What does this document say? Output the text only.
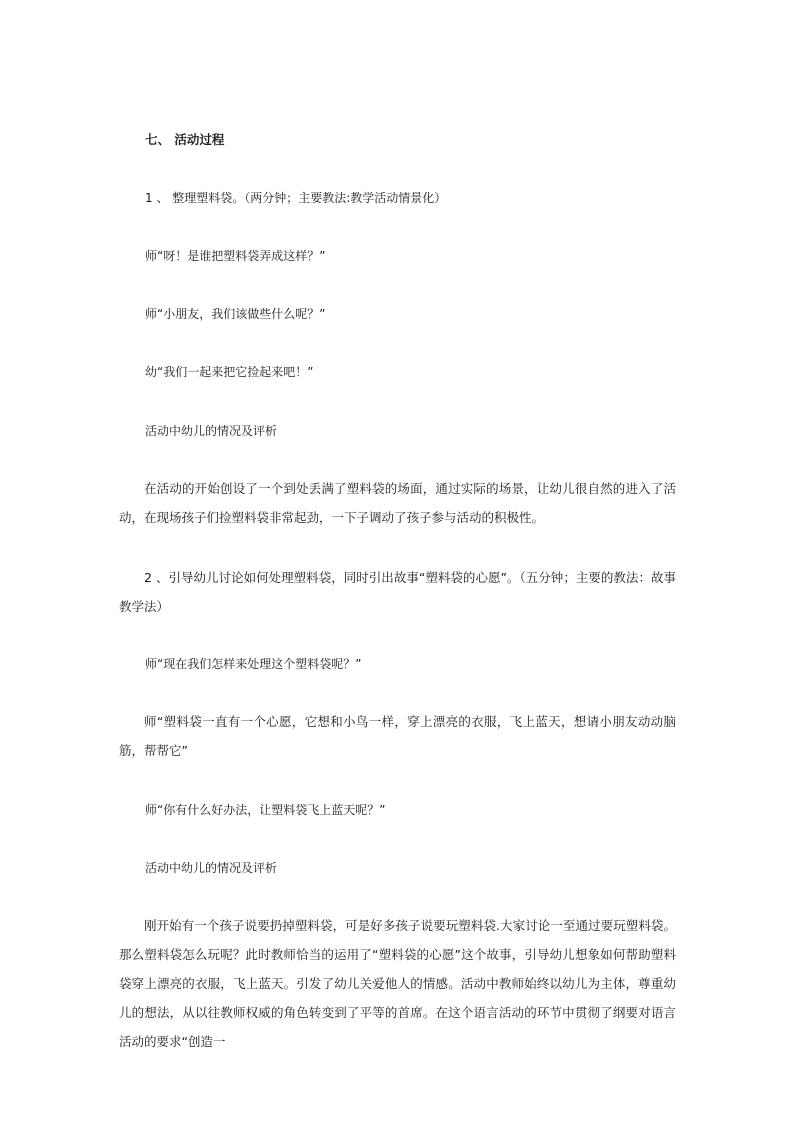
七、 活动过程

1 、 整理塑料袋。（两分钟；主要教法:教学活动情景化）

师“呀！是谁把塑料袋弄成这样？”

师“小朋友，我们该做些什么呢？”

幼“我们一起来把它捡起来吧！”

活动中幼儿的情况及评析

在活动的开始创设了一个到处丢满了塑料袋的场面，通过实际的场景，让幼儿很自然的进入了活动，在现场孩子们捡塑料袋非常起劲，一下子调动了孩子参与活动的积极性。

2 、引导幼儿讨论如何处理塑料袋，同时引出故事“塑料袋的心愿”。（五分钟；主要的教法：故事教学法）

师“现在我们怎样来处理这个塑料袋呢？”

师“塑料袋一直有一个心愿，它想和小鸟一样，穿上漂亮的衣服，飞上蓝天，想请小朋友动动脑筋，帮帮它”

师“你有什么好办法，让塑料袋飞上蓝天呢？”

活动中幼儿的情况及评析

刚开始有一个孩子说要扔掉塑料袋，可是好多孩子说要玩塑料袋.大家讨论一至通过要玩塑料袋。那么塑料袋怎么玩呢？此时教师恰当的运用了“塑料袋的心愿”这个故事，引导幼儿想象如何帮助塑料袋穿上漂亮的衣服，飞上蓝天。引发了幼儿关爱他人的情感。活动中教师始终以幼儿为主体，尊重幼儿的想法，从以往教师权威的角色转变到了平等的首席。在这个语言活动的环节中贯彻了纲要对语言活动的要求“创造一
